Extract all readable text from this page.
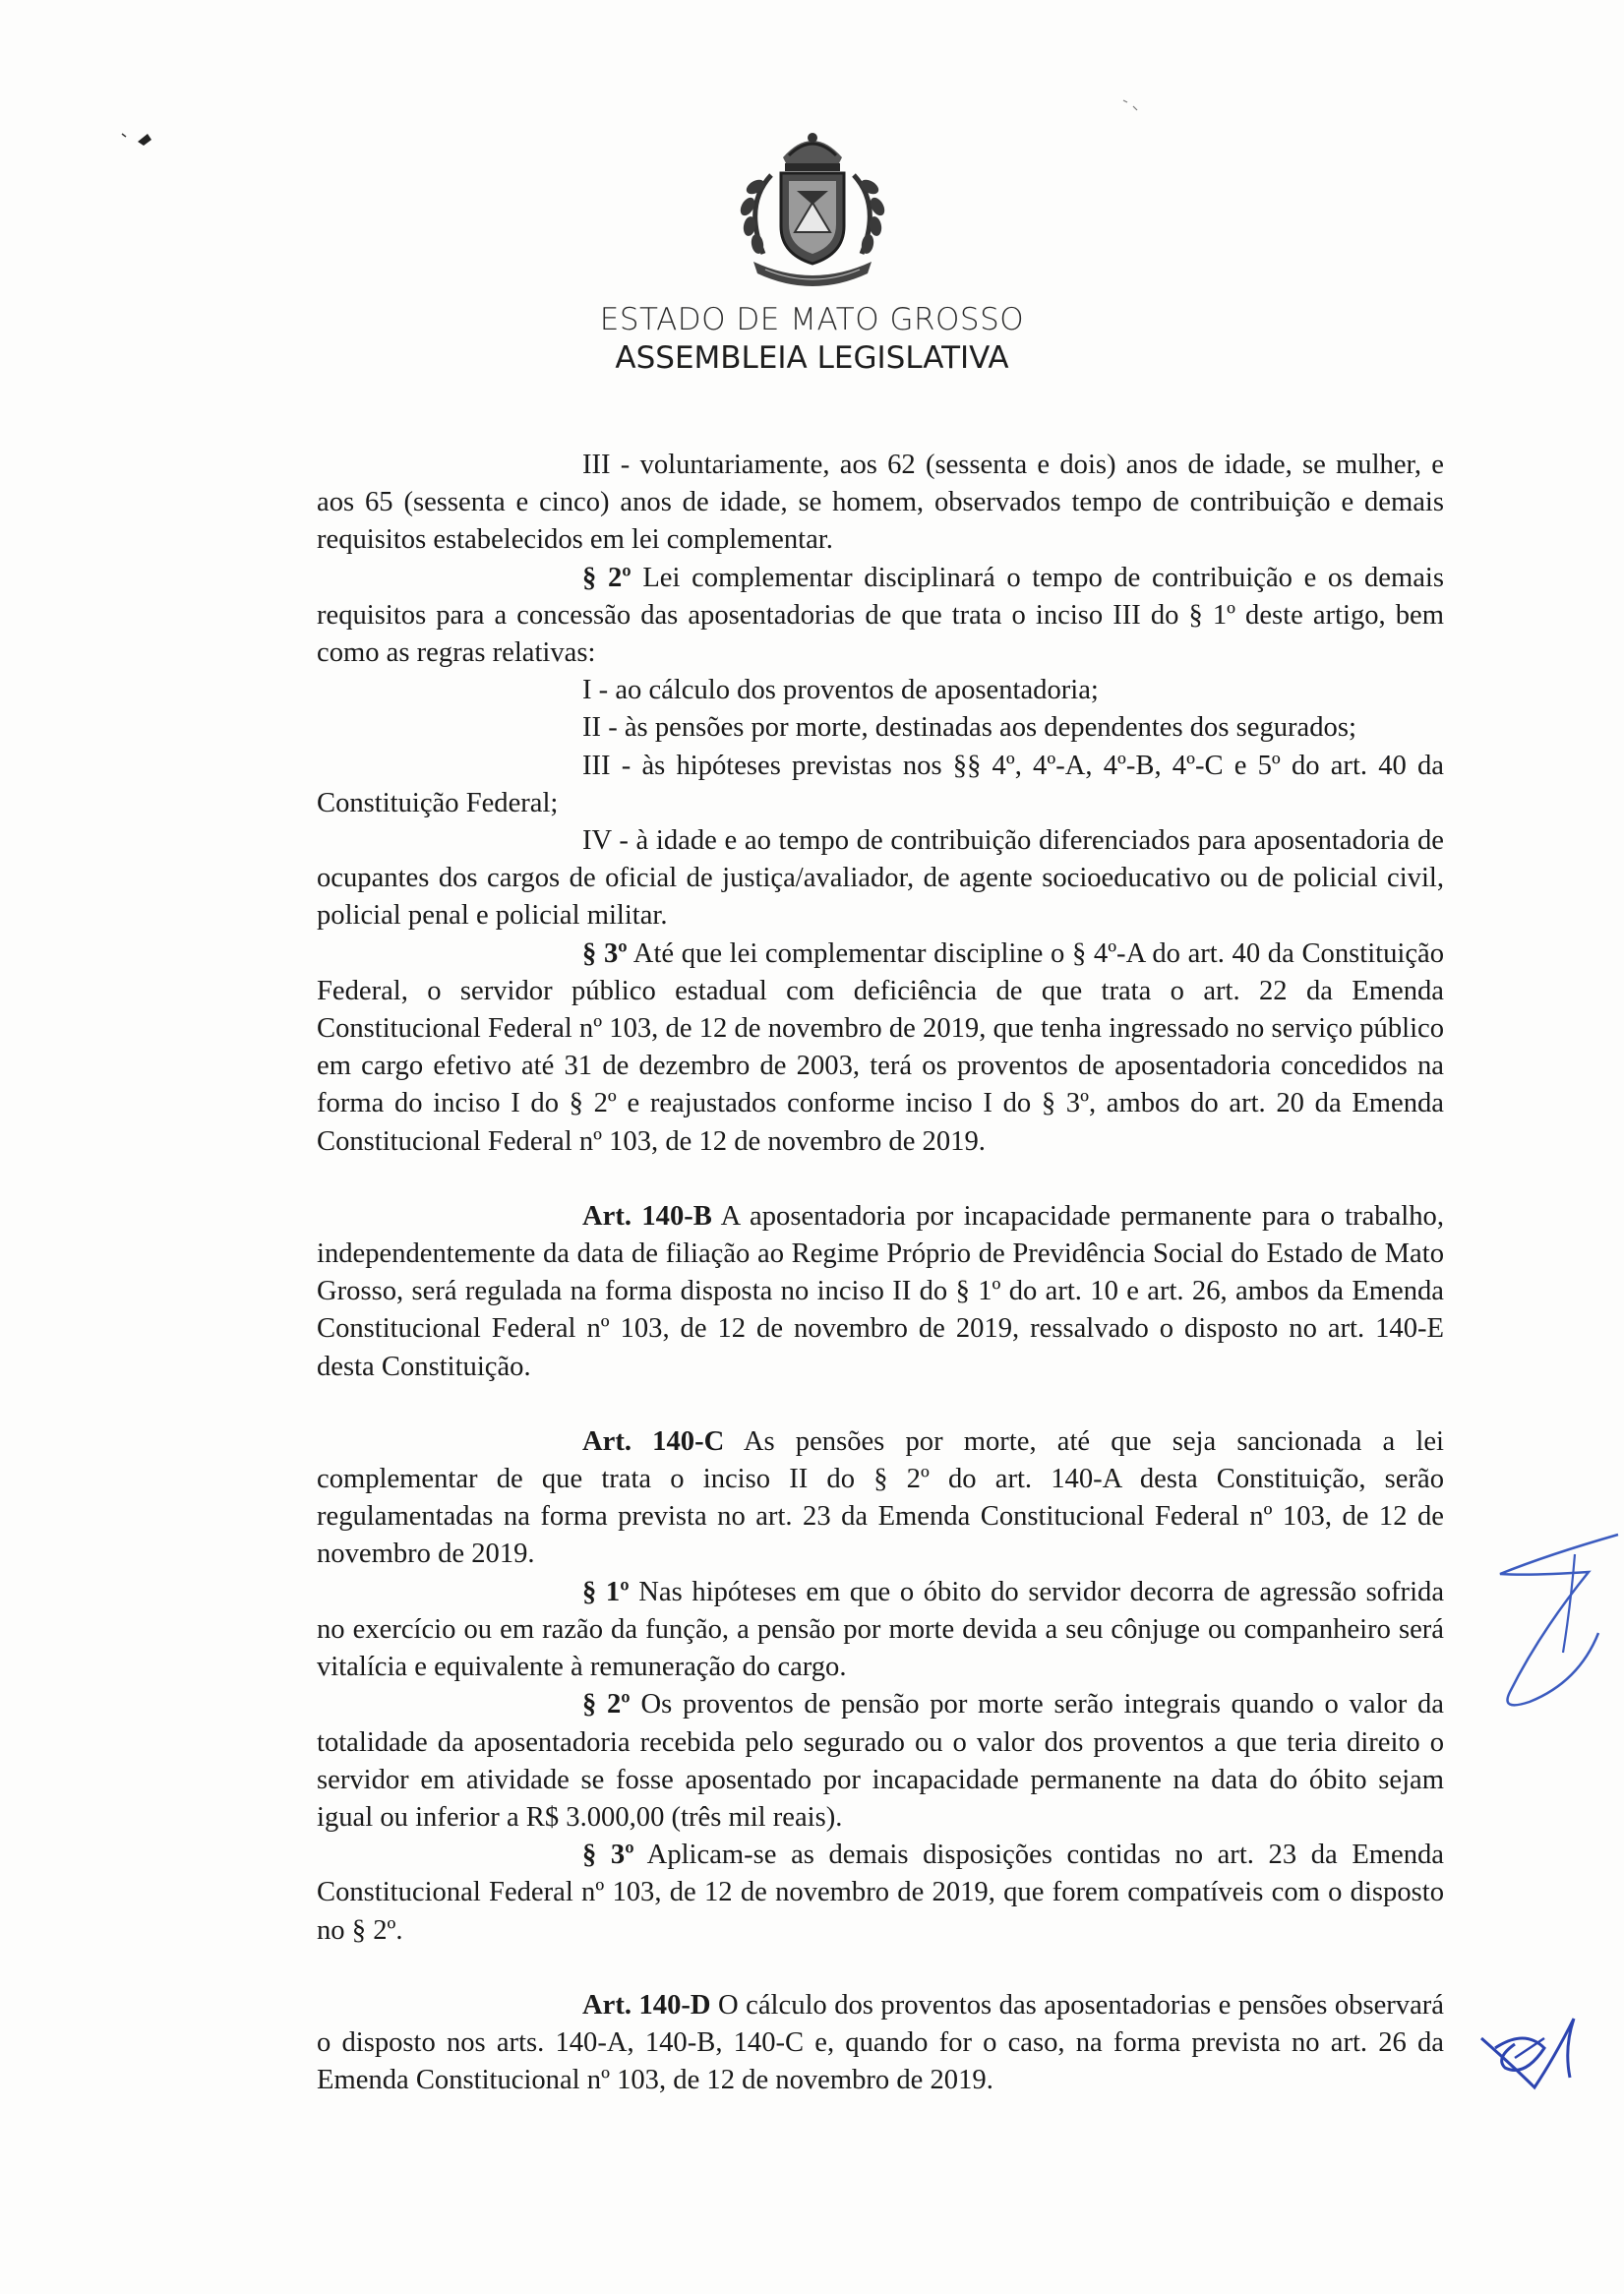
ESTADO DE MATO GROSSO
ASSEMBLEIA LEGISLATIVA

III - voluntariamente, aos 62 (sessenta e dois) anos de idade, se mulher, e aos 65 (sessenta e cinco) anos de idade, se homem, observados tempo de contribuição e demais requisitos estabelecidos em lei complementar.

§ 2º Lei complementar disciplinará o tempo de contribuição e os demais requisitos para a concessão das aposentadorias de que trata o inciso III do § 1º deste artigo, bem como as regras relativas:

I - ao cálculo dos proventos de aposentadoria;

II - às pensões por morte, destinadas aos dependentes dos segurados;

III - às hipóteses previstas nos §§ 4º, 4º-A, 4º-B, 4º-C e 5º do art. 40 da Constituição Federal;

IV - à idade e ao tempo de contribuição diferenciados para aposentadoria de ocupantes dos cargos de oficial de justiça/avaliador, de agente socioeducativo ou de policial civil, policial penal e policial militar.

§ 3º Até que lei complementar discipline o § 4º-A do art. 40 da Constituição Federal, o servidor público estadual com deficiência de que trata o art. 22 da Emenda Constitucional Federal nº 103, de 12 de novembro de 2019, que tenha ingressado no serviço público em cargo efetivo até 31 de dezembro de 2003, terá os proventos de aposentadoria concedidos na forma do inciso I do § 2º e reajustados conforme inciso I do § 3º, ambos do art. 20 da Emenda Constitucional Federal nº 103, de 12 de novembro de 2019.

Art. 140-B A aposentadoria por incapacidade permanente para o trabalho, independentemente da data de filiação ao Regime Próprio de Previdência Social do Estado de Mato Grosso, será regulada na forma disposta no inciso II do § 1º do art. 10 e art. 26, ambos da Emenda Constitucional Federal nº 103, de 12 de novembro de 2019, ressalvado o disposto no art. 140-E desta Constituição.

Art. 140-C As pensões por morte, até que seja sancionada a lei complementar de que trata o inciso II do § 2º do art. 140-A desta Constituição, serão regulamentadas na forma prevista no art. 23 da Emenda Constitucional Federal nº 103, de 12 de novembro de 2019.

§ 1º Nas hipóteses em que o óbito do servidor decorra de agressão sofrida no exercício ou em razão da função, a pensão por morte devida a seu cônjuge ou companheiro será vitalícia e equivalente à remuneração do cargo.

§ 2º Os proventos de pensão por morte serão integrais quando o valor da totalidade da aposentadoria recebida pelo segurado ou o valor dos proventos a que teria direito o servidor em atividade se fosse aposentado por incapacidade permanente na data do óbito sejam igual ou inferior a R$ 3.000,00 (três mil reais).

§ 3º Aplicam-se as demais disposições contidas no art. 23 da Emenda Constitucional Federal nº 103, de 12 de novembro de 2019, que forem compatíveis com o disposto no § 2º.

Art. 140-D O cálculo dos proventos das aposentadorias e pensões observará o disposto nos arts. 140-A, 140-B, 140-C e, quando for o caso, na forma prevista no art. 26 da Emenda Constitucional nº 103, de 12 de novembro de 2019.
